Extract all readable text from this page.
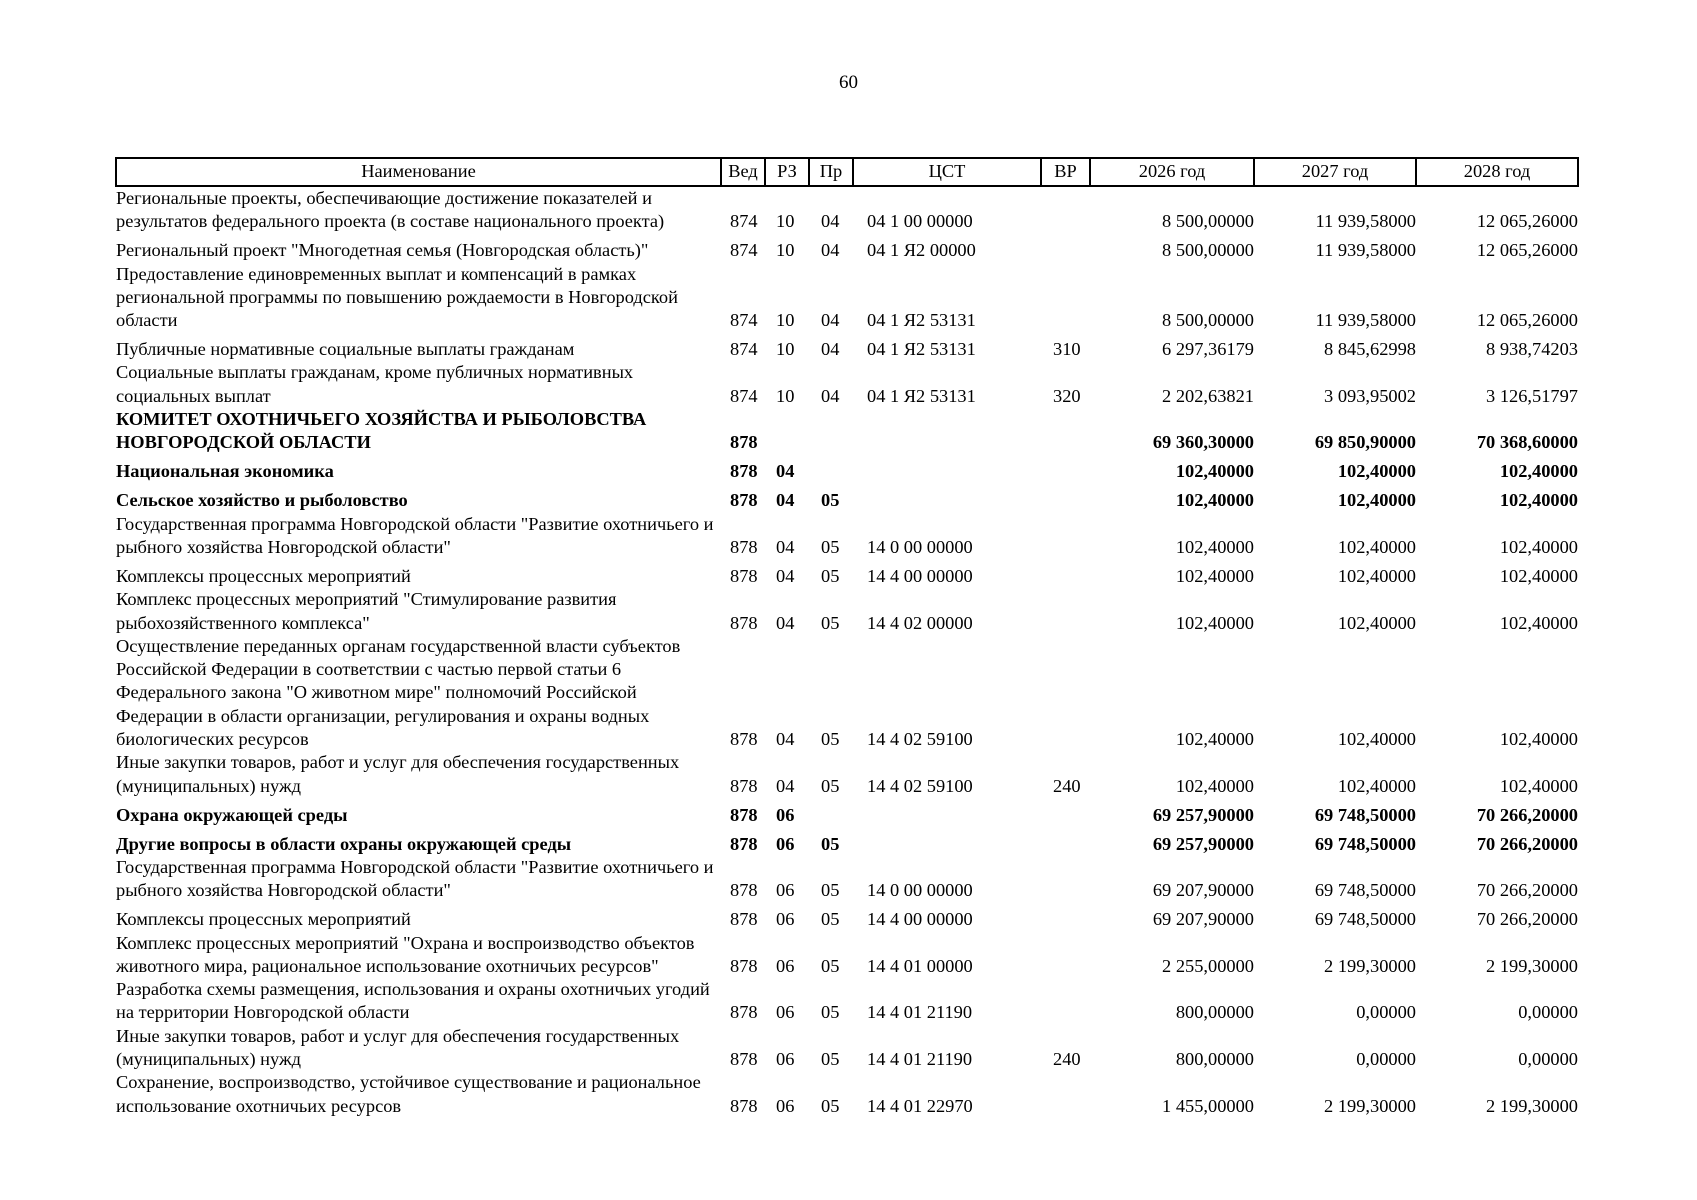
60
Наименование	Вед	РЗ	Пр	ЦСТ	ВР	2026 год	2027 год	2028 год
Региональные проекты, обеспечивающие достижение показателей и результатов федерального проекта (в составе национального проекта)	874	10	04	04 1 00 00000		8 500,00000	11 939,58000	12 065,26000
Региональный проект "Многодетная семья (Новгородская область)"	874	10	04	04 1 Я2 00000		8 500,00000	11 939,58000	12 065,26000
Предоставление единовременных выплат и компенсаций в рамках региональной программы по повышению рождаемости в Новгородской области	874	10	04	04 1 Я2 53131		8 500,00000	11 939,58000	12 065,26000
Публичные нормативные социальные выплаты гражданам	874	10	04	04 1 Я2 53131	310	6 297,36179	8 845,62998	8 938,74203
Социальные выплаты гражданам, кроме публичных нормативных социальных выплат	874	10	04	04 1 Я2 53131	320	2 202,63821	3 093,95002	3 126,51797
КОМИТЕТ ОХОТНИЧЬЕГО ХОЗЯЙСТВА И РЫБОЛОВСТВА НОВГОРОДСКОЙ ОБЛАСТИ	878					69 360,30000	69 850,90000	70 368,60000
Национальная экономика	878	04				102,40000	102,40000	102,40000
Сельское хозяйство и рыболовство	878	04	05			102,40000	102,40000	102,40000
Государственная программа Новгородской области "Развитие охотничьего и рыбного хозяйства Новгородской области"	878	04	05	14 0 00 00000		102,40000	102,40000	102,40000
Комплексы процессных мероприятий	878	04	05	14 4 00 00000		102,40000	102,40000	102,40000
Комплекс процессных мероприятий "Стимулирование развития рыбохозяйственного комплекса"	878	04	05	14 4 02 00000		102,40000	102,40000	102,40000
Осуществление переданных органам государственной власти субъектов Российской Федерации в соответствии с частью первой статьи 6 Федерального закона "О животном мире" полномочий Российской Федерации в области организации, регулирования и охраны водных биологических ресурсов	878	04	05	14 4 02 59100		102,40000	102,40000	102,40000
Иные закупки товаров, работ и услуг для обеспечения государственных (муниципальных) нужд	878	04	05	14 4 02 59100	240	102,40000	102,40000	102,40000
Охрана окружающей среды	878	06				69 257,90000	69 748,50000	70 266,20000
Другие вопросы в области охраны окружающей среды	878	06	05			69 257,90000	69 748,50000	70 266,20000
Государственная программа Новгородской области "Развитие охотничьего и рыбного хозяйства Новгородской области"	878	06	05	14 0 00 00000		69 207,90000	69 748,50000	70 266,20000
Комплексы процессных мероприятий	878	06	05	14 4 00 00000		69 207,90000	69 748,50000	70 266,20000
Комплекс процессных мероприятий "Охрана и воспроизводство объектов животного мира, рациональное использование охотничьих ресурсов"	878	06	05	14 4 01 00000		2 255,00000	2 199,30000	2 199,30000
Разработка схемы размещения, использования и охраны охотничьих угодий на территории Новгородской области	878	06	05	14 4 01 21190		800,00000	0,00000	0,00000
Иные закупки товаров, работ и услуг для обеспечения государственных (муниципальных) нужд	878	06	05	14 4 01 21190	240	800,00000	0,00000	0,00000
Сохранение, воспроизводство, устойчивое существование и рациональное использование охотничьих ресурсов	878	06	05	14 4 01 22970		1 455,00000	2 199,30000	2 199,30000
